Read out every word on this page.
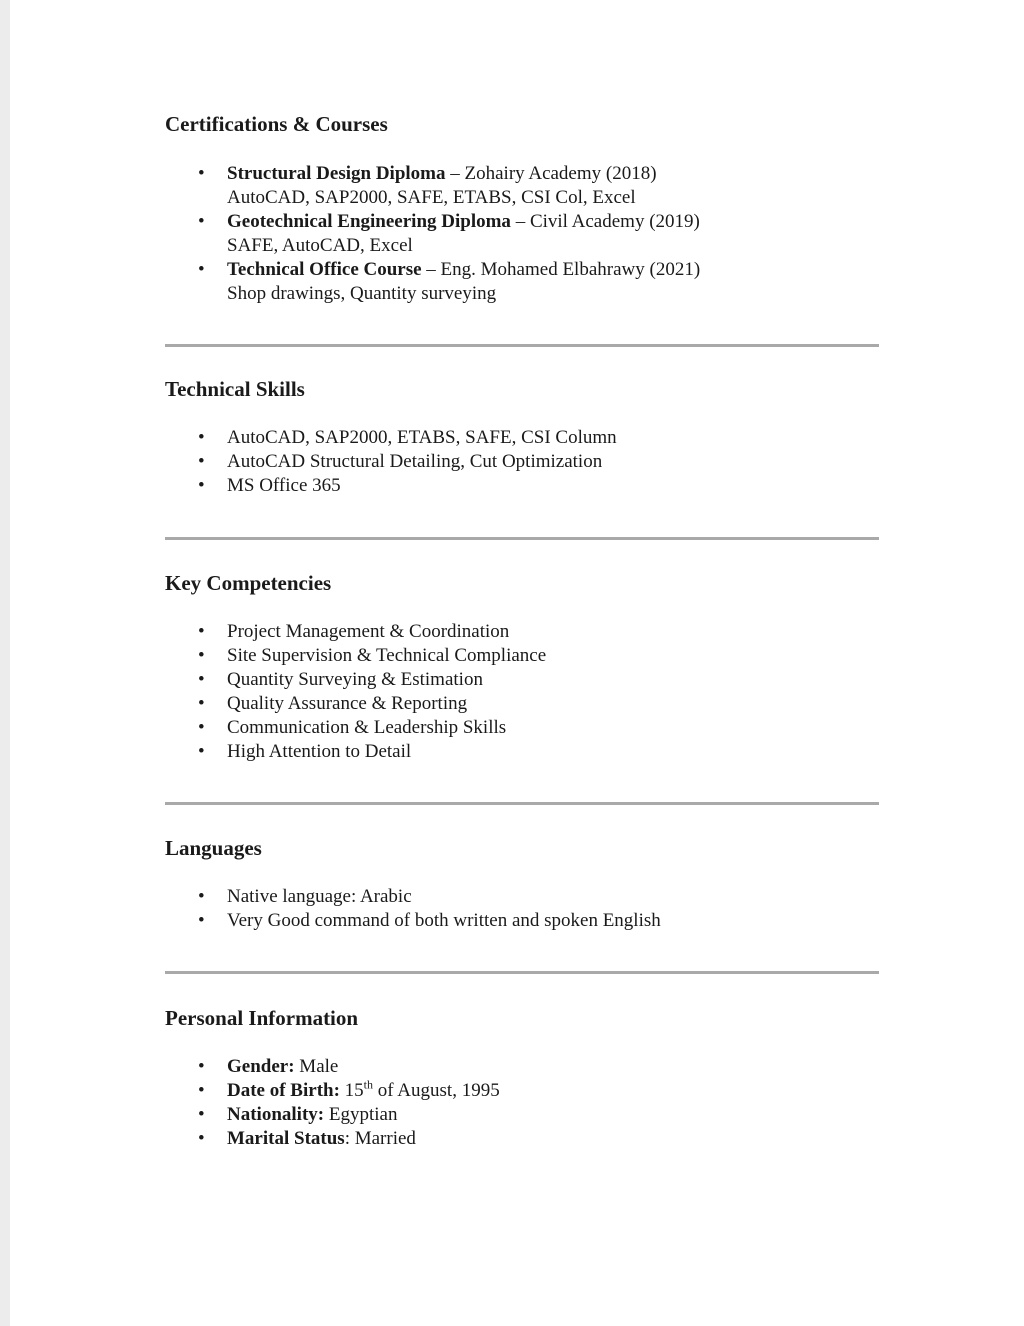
Certifications & Courses
• Structural Design Diploma – Zohairy Academy (2018)
AutoCAD, SAP2000, SAFE, ETABS, CSI Col, Excel
• Geotechnical Engineering Diploma – Civil Academy (2019)
SAFE, AutoCAD, Excel
• Technical Office Course – Eng. Mohamed Elbahrawy (2021)
Shop drawings, Quantity surveying
Technical Skills
• AutoCAD, SAP2000, ETABS, SAFE, CSI Column
• AutoCAD Structural Detailing, Cut Optimization
• MS Office 365
Key Competencies
• Project Management & Coordination
• Site Supervision & Technical Compliance
• Quantity Surveying & Estimation
• Quality Assurance & Reporting
• Communication & Leadership Skills
• High Attention to Detail
Languages
• Native language: Arabic
• Very Good command of both written and spoken English
Personal Information
• Gender: Male
• Date of Birth: 15th of August, 1995
• Nationality: Egyptian
• Marital Status: Married
